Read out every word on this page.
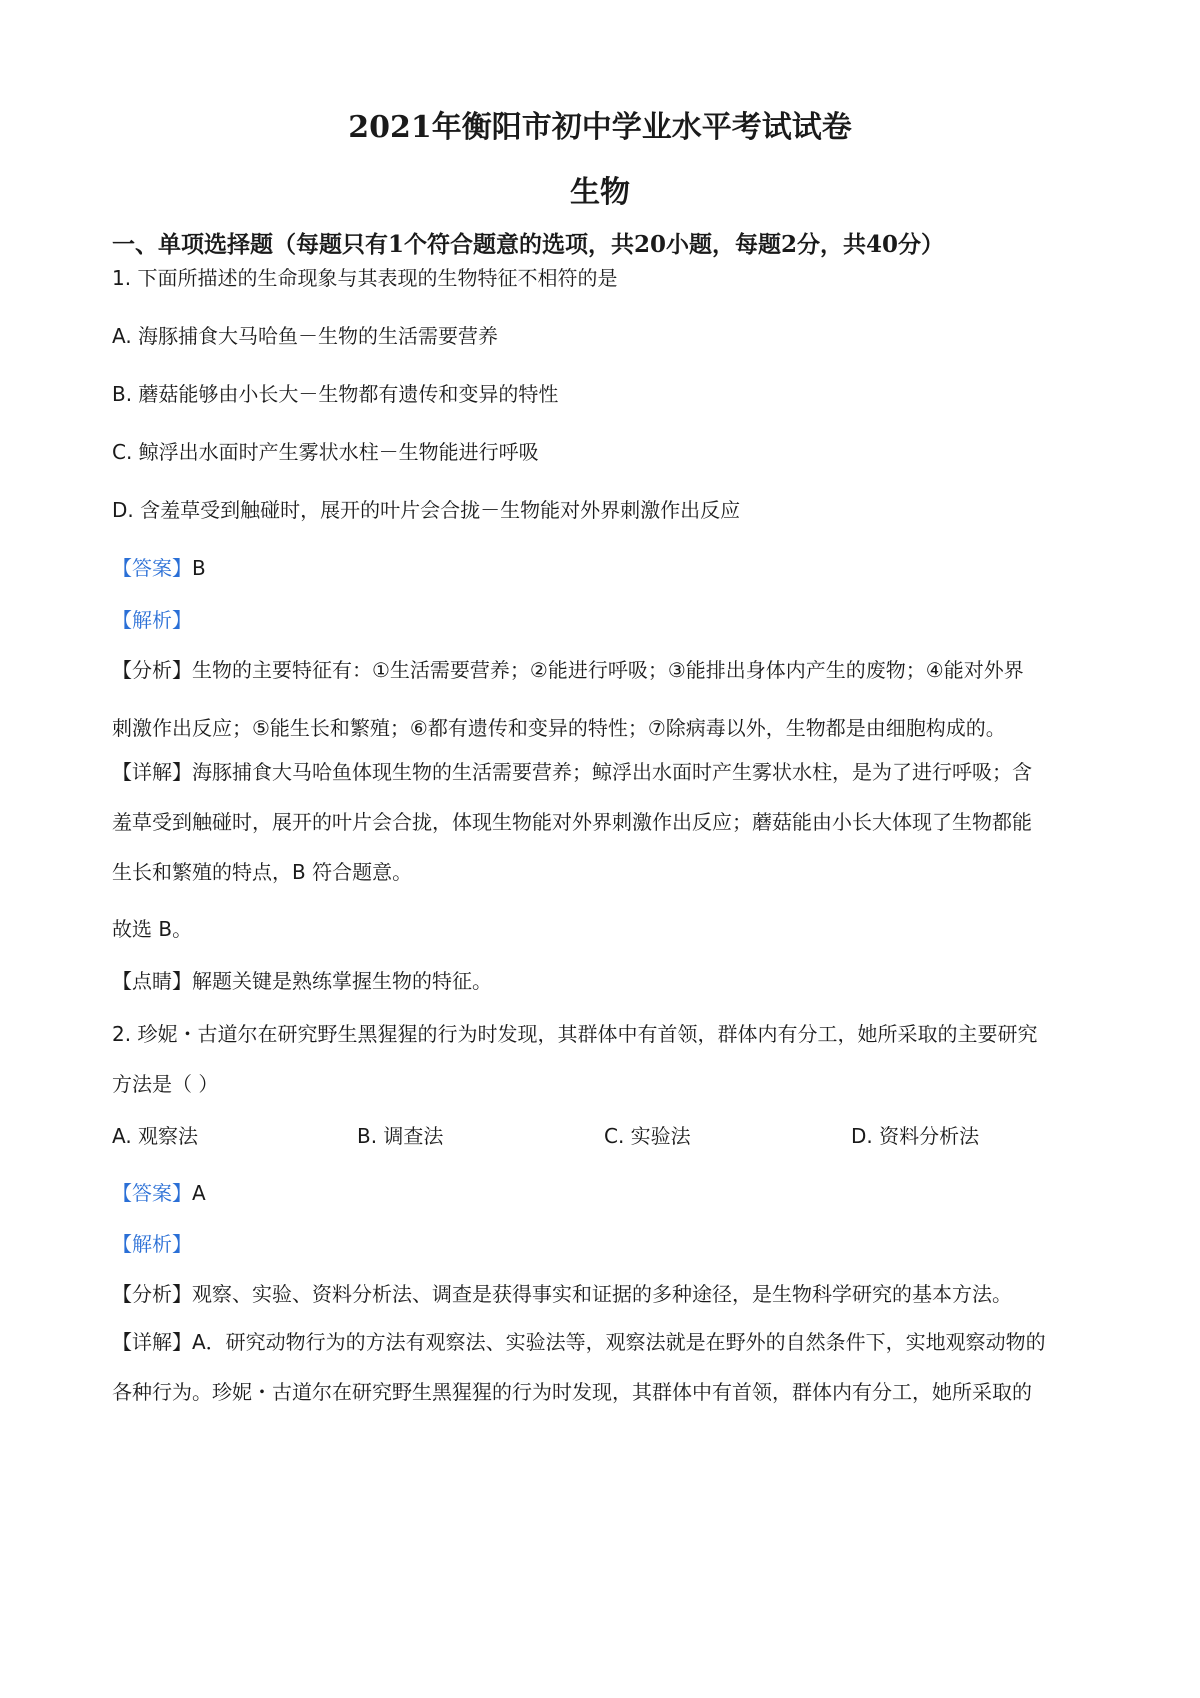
2021年衡阳市初中学业水平考试试卷
生物
一、单项选择题（每题只有1个符合题意的选项，共20小题，每题2分，共40分）
1. 下面所描述的生命现象与其表现的生物特征不相符的是
A. 海豚捕食大马哈鱼－生物的生活需要营养
B. 蘑菇能够由小长大－生物都有遗传和变异的特性
C. 鲸浮出水面时产生雾状水柱－生物能进行呼吸
D. 含羞草受到触碰时，展开的叶片会合拢－生物能对外界刺激作出反应
【答案】B
【解析】
【分析】生物的主要特征有：①生活需要营养；②能进行呼吸；③能排出身体内产生的废物；④能对外界
刺激作出反应；⑤能生长和繁殖；⑥都有遗传和变异的特性；⑦除病毒以外，生物都是由细胞构成的。
【详解】海豚捕食大马哈鱼体现生物的生活需要营养；鲸浮出水面时产生雾状水柱，是为了进行呼吸；含
羞草受到触碰时，展开的叶片会合拢，体现生物能对外界刺激作出反应；蘑菇能由小长大体现了生物都能
生长和繁殖的特点，B 符合题意。
故选 B。
【点睛】解题关键是熟练掌握生物的特征。
2. 珍妮・古道尔在研究野生黑猩猩的行为时发现，其群体中有首领，群体内有分工，她所采取的主要研究
方法是（ ）
A. 观察法	B. 调查法	C. 实验法	D. 资料分析法
【答案】A
【解析】
【分析】观察、实验、资料分析法、调查是获得事实和证据的多种途径，是生物科学研究的基本方法。
【详解】A．研究动物行为的方法有观察法、实验法等，观察法就是在野外的自然条件下，实地观察动物的
各种行为。珍妮・古道尔在研究野生黑猩猩的行为时发现，其群体中有首领，群体内有分工，她所采取的
